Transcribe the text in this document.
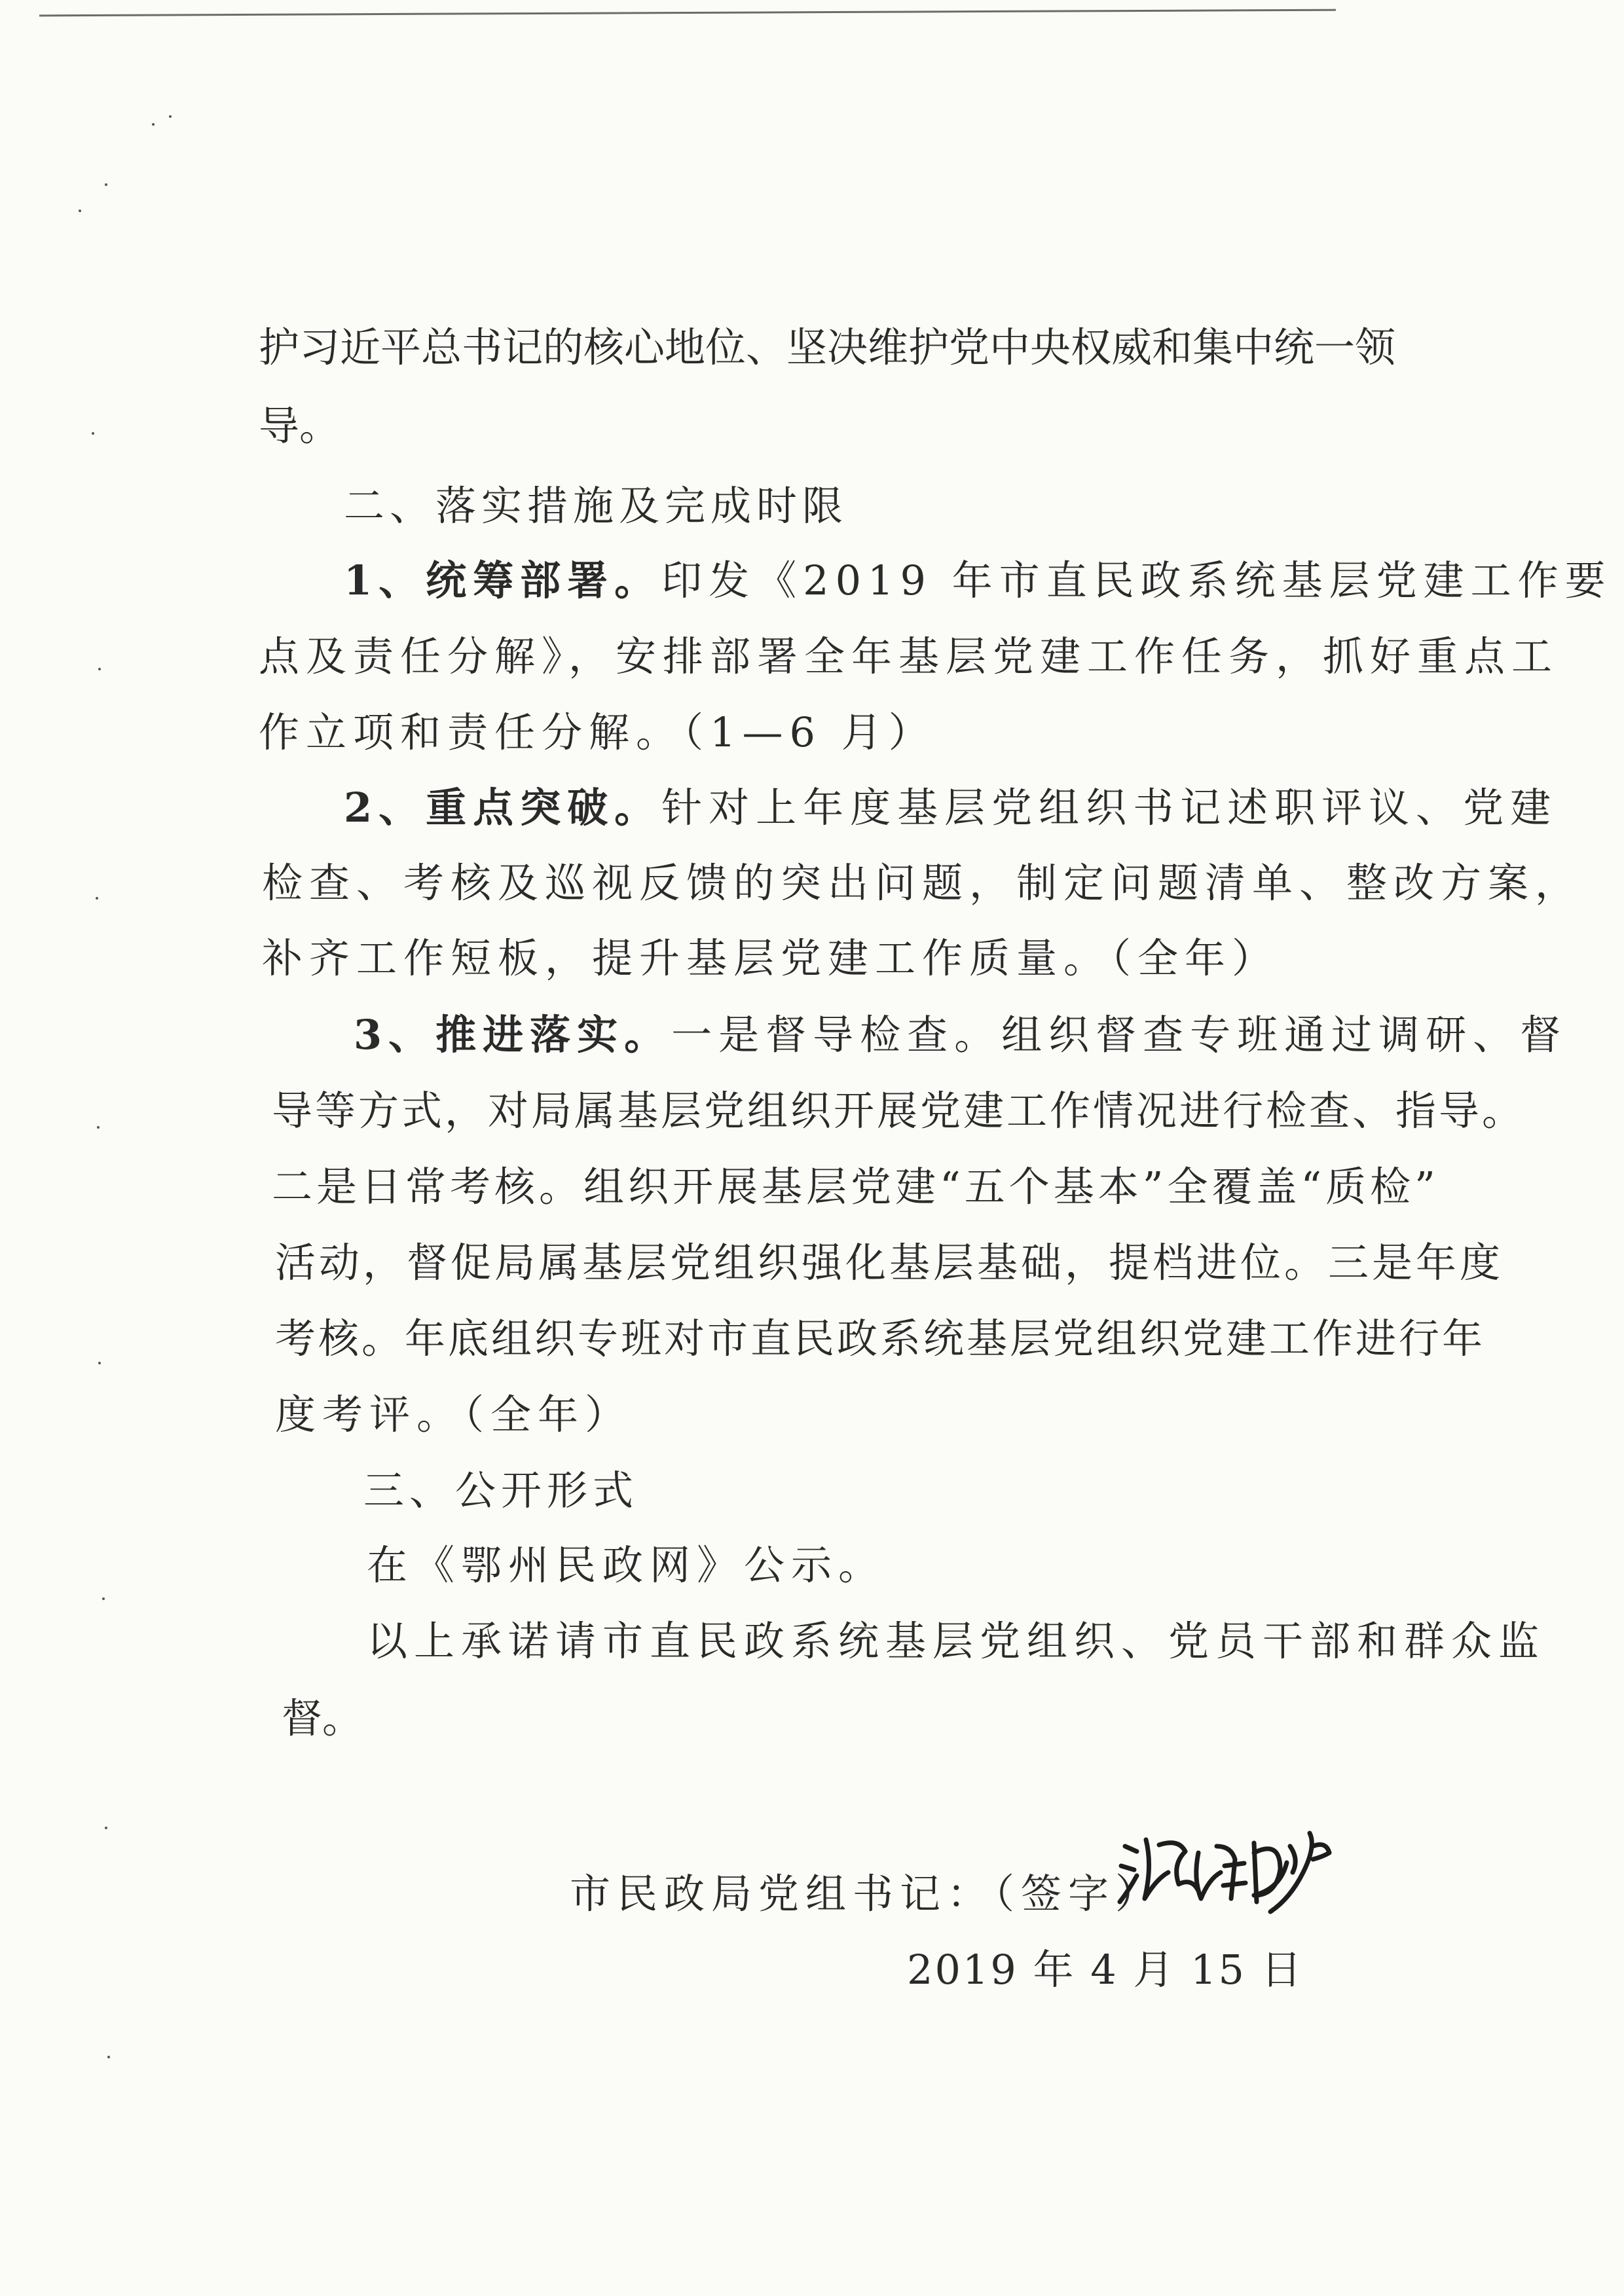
护习近平总书记的核心地位、坚决维护党中央权威和集中统一领
导。
二、落实措施及完成时限
1、统筹部署。印发《2019 年市直民政系统基层党建工作要
点及责任分解》，安排部署全年基层党建工作任务，抓好重点工
作立项和责任分解。（1—6 月）
2、重点突破。针对上年度基层党组织书记述职评议、党建
检查、考核及巡视反馈的突出问题，制定问题清单、整改方案，
补齐工作短板，提升基层党建工作质量。（全年）
3、推进落实。一是督导检查。组织督查专班通过调研、督
导等方式，对局属基层党组织开展党建工作情况进行检查、指导。
二是日常考核。组织开展基层党建“五个基本”全覆盖“质检”
活动，督促局属基层党组织强化基层基础，提档进位。三是年度
考核。年底组织专班对市直民政系统基层党组织党建工作进行年
度考评。（全年）
三、公开形式
在《鄂州民政网》公示。
以上承诺请市直民政系统基层党组织、党员干部和群众监
督。
市民政局党组书记：（签字）
2019 年 4 月 15 日
